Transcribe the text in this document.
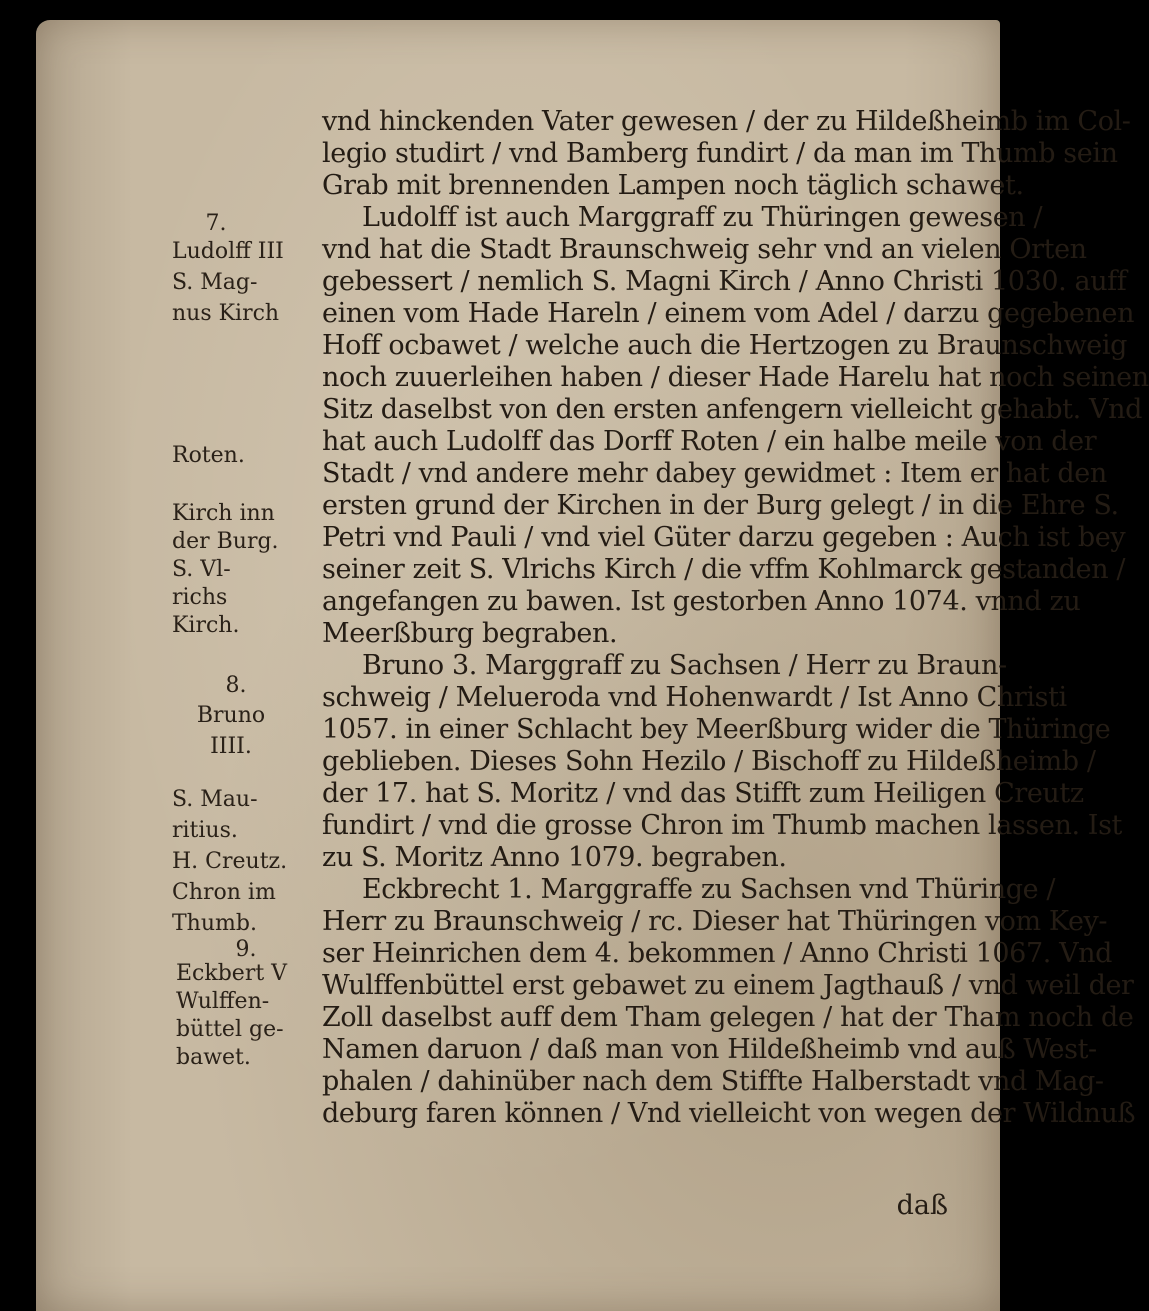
vnd hinckenden Vater gewesen / der zu Hildeßheimb im Col-
legio studirt / vnd Bamberg fundirt / da man im Thumb sein
Grab mit brennenden Lampen noch täglich schawet.
Ludolff ist auch Marggraff zu Thüringen gewesen /
vnd hat die Stadt Braunschweig sehr vnd an vielen Orten
gebessert / nemlich S. Magni Kirch / Anno Christi 1030. auff
einen vom Hade Hareln / einem vom Adel / darzu gegebenen
Hoff ocbawet / welche auch die Hertzogen zu Braunschweig
noch zuuerleihen haben / dieser Hade Harelu hat noch seinen
Sitz daselbst von den ersten anfengern vielleicht gehabt. Vnd
hat auch Ludolff das Dorff Roten / ein halbe meile von der
Stadt / vnd andere mehr dabey gewidmet : Item er hat den
ersten grund der Kirchen in der Burg gelegt / in die Ehre S.
Petri vnd Pauli / vnd viel Güter darzu gegeben : Auch ist bey
seiner zeit S. Vlrichs Kirch / die vffm Kohlmarck gestanden /
angefangen zu bawen. Ist gestorben Anno 1074. vnnd zu
Meerßburg begraben.
Bruno 3. Marggraff zu Sachsen / Herr zu Braun-
schweig / Melueroda vnd Hohenwardt / Ist Anno Christi
1057. in einer Schlacht bey Meerßburg wider die Thüringe
geblieben. Dieses Sohn Hezilo / Bischoff zu Hildeßheimb /
der 17. hat S. Moritz / vnd das Stifft zum Heiligen Creutz
fundirt / vnd die grosse Chron im Thumb machen lassen. Ist
zu S. Moritz Anno 1079. begraben.
Eckbrecht 1. Marggraffe zu Sachsen vnd Thüringe /
Herr zu Braunschweig / rc. Dieser hat Thüringen vom Key-
ser Heinrichen dem 4. bekommen / Anno Christi 1067. Vnd
Wulffenbüttel erst gebawet zu einem Jagthauß / vnd weil der
Zoll daselbst auff dem Tham gelegen / hat der Tham noch de
Namen daruon / daß man von Hildeßheimb vnd auß West-
phalen / dahinüber nach dem Stiffte Halberstadt vnd Mag-
deburg faren können / Vnd vielleicht von wegen der Wildnuß
daß
7.
Ludolff III
S. Mag-
nus Kirch
Roten.
Kirch inn
der Burg.
S. Vl-
richs
Kirch.
8.
Bruno
IIII.
S. Mau-
ritius.
H. Creutz.
Chron im
Thumb.
9.
Eckbert V
Wulffen-
büttel ge-
bawet.
